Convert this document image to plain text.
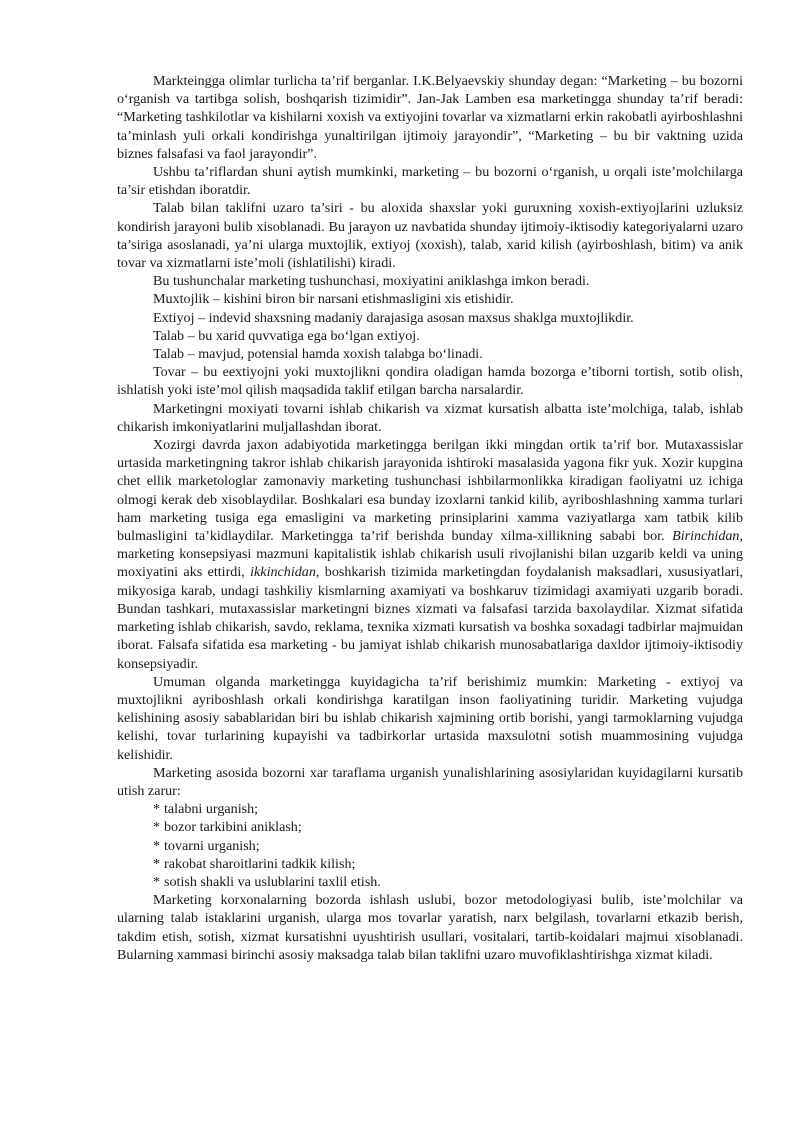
Markteingga olimlar turlicha ta’rif berganlar. I.K.Belyaevskiy shunday degan: “Marketing – bu bozorni o‘rganish va tartibga solish, boshqarish tizimidir”. Jan-Jak Lamben esa marketingga shunday ta’rif beradi: “Marketing tashkilotlar va kishilarni xoxish va extiyojini tovarlar va xizmatlarni erkin rakobatli ayirboshlashni ta’minlash yuli orkali kondirishga yunaltirilgan ijtimoiy jarayondir”, “Marketing – bu bir vaktning uzida biznes falsafasi va faol jarayondir”.

Ushbu ta’riflardan shuni aytish mumkinki, marketing – bu bozorni o‘rganish, u orqali iste’molchilarga ta’sir etishdan iboratdir.

Talab bilan taklifni uzaro ta’siri - bu aloxida shaxslar yoki guruxning xoxish-extiyojlarini uzluksiz kondirish jarayoni bulib xisoblanadi. Bu jarayon uz navbatida shunday ijtimoiy-iktisodiy kategoriyalarni uzaro ta’siriga asoslanadi, ya’ni ularga muxtojlik, extiyoj (xoxish), talab, xarid kilish (ayirboshlash, bitim) va anik tovar va xizmatlarni iste’moli (ishlatilishi) kiradi.

Bu tushunchalar marketing tushunchasi, moxiyatini aniklashga imkon beradi.

Muxtojlik – kishini biron bir narsani etishmasligini xis etishidir.

Extiyoj – indevid shaxsning madaniy darajasiga asosan maxsus shaklga muxtojlikdir.

Talab – bu xarid quvvatiga ega bo‘lgan extiyoj.

Talab – mavjud, potensial hamda xoxish talabga bo‘linadi.

Tovar – bu eextiyojni yoki muxtojlikni qondira oladigan hamda bozorga e’tiborni tortish, sotib olish, ishlatish yoki iste’mol qilish maqsadida taklif etilgan barcha narsalardir.

Marketingni moxiyati tovarni ishlab chikarish va xizmat kursatish albatta iste’molchiga, talab, ishlab chikarish imkoniyatlarini muljallashdan iborat.

Xozirgi davrda jaxon adabiyotida marketingga berilgan ikki mingdan ortik ta’rif bor. Mutaxassislar urtasida marketingning takror ishlab chikarish jarayonida ishtiroki masalasida yagona fikr yuk. Xozir kupgina chet ellik marketologlar zamonaviy marketing tushunchasi ishbilarmonlikka kiradigan faoliyatni uz ichiga olmogi kerak deb xisoblaydilar. Boshkalari esa bunday izoxlarni tankid kilib, ayriboshlashning xamma turlari ham marketing tusiga ega emasligini va marketing prinsiplarini xamma vaziyatlarga xam tatbik kilib bulmasligini ta’kidlaydilar. Marketingga ta’rif berishda bunday xilma-xillikning sababi bor. Birinchidan, marketing konsepsiyasi mazmuni kapitalistik ishlab chikarish usuli rivojlanishi bilan uzgarib keldi va uning moxiyatini aks ettirdi, ikkinchidan, boshkarish tizimida marketingdan foydalanish maksadlari, xususiyatlari, mikyosiga karab, undagi tashkiliy kismlarning axamiyati va boshkaruv tizimidagi axamiyati uzgarib boradi. Bundan tashkari, mutaxassislar marketingni biznes xizmati va falsafasi tarzida baxolaydilar. Xizmat sifatida marketing ishlab chikarish, savdo, reklama, texnika xizmati kursatish va boshka soxadagi tadbirlar majmuidan iborat. Falsafa sifatida esa marketing - bu jamiyat ishlab chikarish munosabatlariga daxldor ijtimoiy-iktisodiy konsepsiyadir.

Umuman olganda marketingga kuyidagicha ta’rif berishimiz mumkin: Marketing - extiyoj va muxtojlikni ayriboshlash orkali kondirishga karatilgan inson faoliyatining turidir. Marketing vujudga kelishining asosiy sabablaridan biri bu ishlab chikarish xajmining ortib borishi, yangi tarmoklarning vujudga kelishi, tovar turlarining kupayishi va tadbirkorlar urtasida maxsulotni sotish muammosining vujudga kelishidir.

Marketing asosida bozorni xar taraflama urganish yunalishlarining asosiylaridan kuyidagilarni kursatib utish zarur:

* talabni urganish;
* bozor tarkibini aniklash;
* tovarni urganish;
* rakobat sharoitlarini tadkik kilish;
* sotish shakli va uslublarini taxlil etish.

Marketing korxonalarning bozorda ishlash uslubi, bozor metodologiyasi bulib, iste’molchilar va ularning talab istaklarini urganish, ularga mos tovarlar yaratish, narx belgilash, tovarlarni etkazib berish, takdim etish, sotish, xizmat kursatishni uyushtirish usullari, vositalari, tartib-koidalari majmui xisoblanadi. Bularning xammasi birinchi asosiy maksadga talab bilan taklifni uzaro muvofiklashtirishga xizmat kiladi.
